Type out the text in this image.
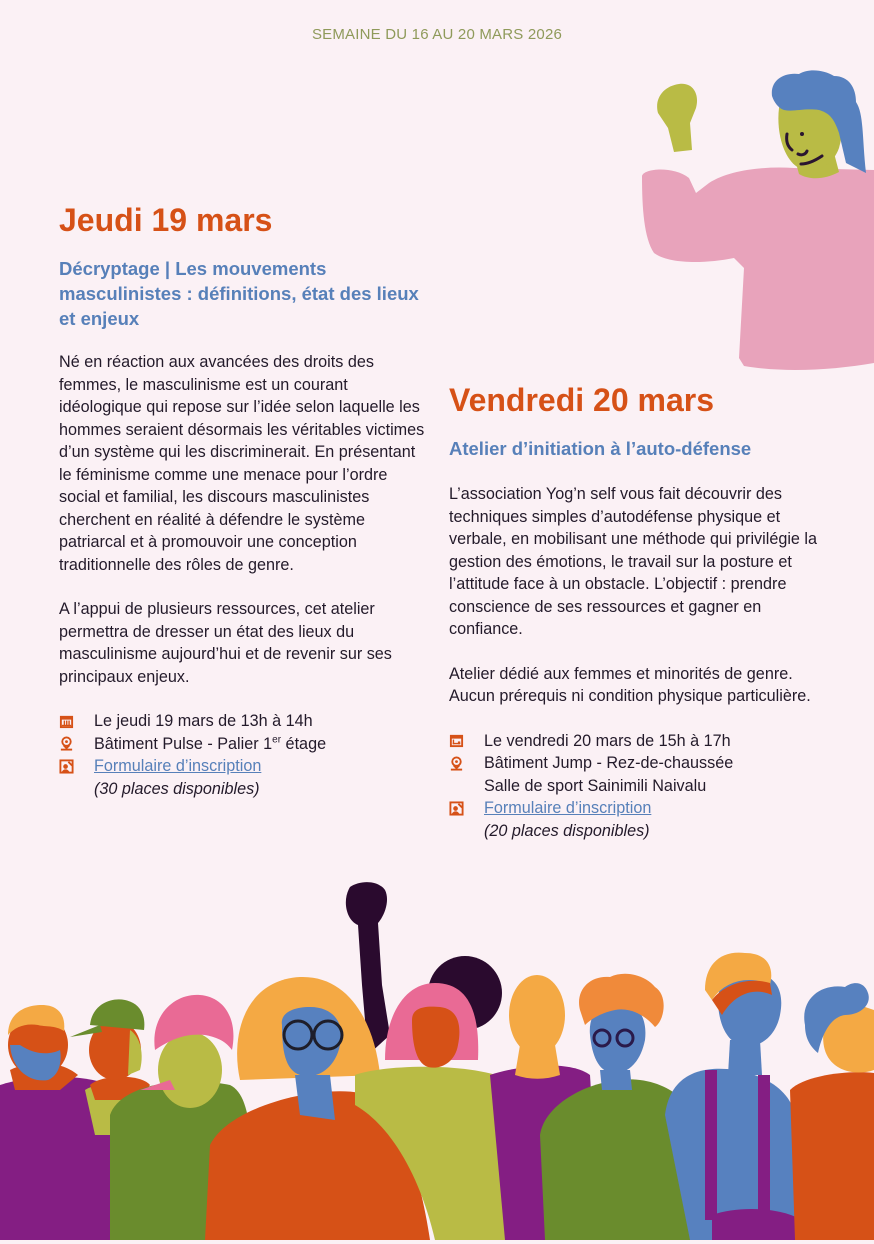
SEMAINE DU 16 AU 20 MARS 2026
Jeudi 19 mars
Décryptage | Les mouvements masculinistes : définitions, état des lieux et enjeux

Né en réaction aux avancées des droits des femmes, le masculinisme est un courant idéologique qui repose sur l’idée selon laquelle les hommes seraient désormais les véritables victimes d’un système qui les discriminerait. En présentant le féminisme comme une menace pour l’ordre social et familial, les discours masculinistes cherchent en réalité à défendre le système patriarcal et à promouvoir une conception traditionnelle des rôles de genre.

A l’appui de plusieurs ressources, cet atelier permettra de dresser un état des lieux du masculinisme aujourd’hui et de revenir sur ses principaux enjeux.

Le jeudi 19 mars de 13h à 14h
Bâtiment Pulse - Palier 1er étage
Formulaire d’inscription
(30 places disponibles)
Vendredi 20 mars
Atelier d’initiation à l’auto-défense

L’association Yog’n self vous fait découvrir des techniques simples d’autodéfense physique et verbale, en mobilisant une méthode qui privilégie la gestion des émotions, le travail sur la posture et l’attitude face à un obstacle. L’objectif : prendre conscience de ses ressources et gagner en confiance.

Atelier dédié aux femmes et minorités de genre. Aucun prérequis ni condition physique particulière.

Le vendredi 20 mars de 15h à 17h
Bâtiment Jump - Rez-de-chaussée
Salle de sport Sainimili Naivalu
Formulaire d’inscription
(20 places disponibles)
